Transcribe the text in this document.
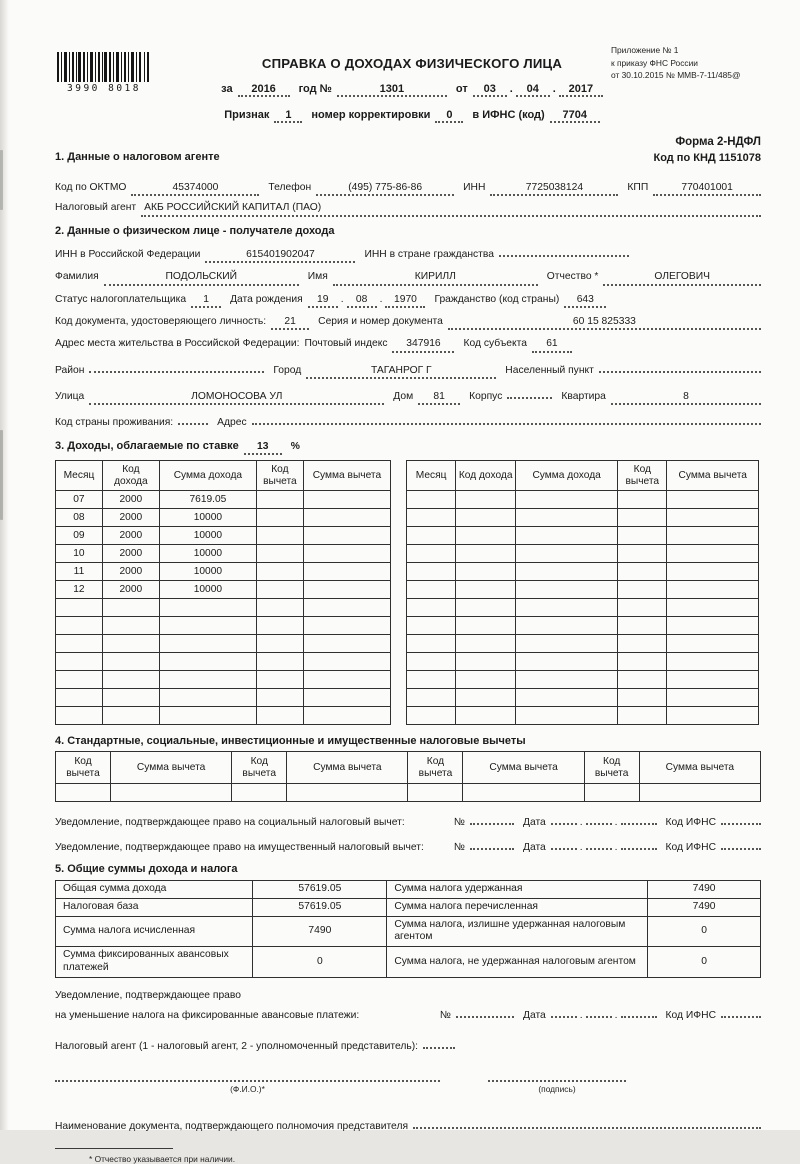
3990 8018
СПРАВКА О ДОХОДАХ ФИЗИЧЕСКОГО ЛИЦА
за	2016	год №	1301	от	03	.	04	.	2017
Признак	1	номер корректировки	0	в ИФНС (код)	7704
Приложение № 1
к приказу ФНС России
от 30.10.2015 № ММВ-7-11/485@
1. Данные о налоговом агенте
Форма 2-НДФЛ
Код по КНД 1151078
Код по ОКТМО	45374000	Телефон	(495) 775-86-86	ИНН	7725038124	КПП	770401001
Налоговый агент АКБ РОССИЙСКИЙ КАПИТАЛ (ПАО)
2. Данные о физическом лице - получателе дохода
ИНН в Российской Федерации	615401902047	ИНН в стране гражданства
Фамилия	ПОДОЛЬСКИЙ	Имя	КИРИЛЛ	Отчество *	ОЛЕГОВИЧ
Статус налогоплательщика	1	Дата рождения	19	.	08	.	1970	Гражданство (код страны)	643
Код документа, удостоверяющего личность:	21	Серия и номер документа	60 15 825333
Адрес места жительства в Российской Федерации: Почтовый индекс	347916	Код субъекта	61
Район	Город	ТАГАНРОГ Г	Населенный пункт
Улица	ЛОМОНОСОВА УЛ	Дом	81	Корпус	Квартира	8
Код страны проживания:	Адрес
3. Доходы, облагаемые по ставке	13	%
Месяц	Код дохода	Сумма дохода	Код вычета	Сумма вычета
07	2000	7619.05		
08	2000	10000		
09	2000	10000		
10	2000	10000		
11	2000	10000		
12	2000	10000		

Месяц	Код дохода	Сумма дохода	Код вычета	Сумма вычета

4. Стандартные, социальные, инвестиционные и имущественные налоговые вычеты
Код вычета	Сумма вычета	Код вычета	Сумма вычета	Код вычета	Сумма вычета	Код вычета	Сумма вычета

Уведомление, подтверждающее право на социальный налоговый вычет:	№	Дата	.	.	Код ИФНС
Уведомление, подтверждающее право на имущественный налоговый вычет:	№	Дата	.	.	Код ИФНС
5. Общие суммы дохода и налога
Общая сумма дохода	57619.05	Сумма налога удержанная	7490
Налоговая база	57619.05	Сумма налога перечисленная	7490
Сумма налога исчисленная	7490	Сумма налога, излишне удержанная налоговым агентом	0
Сумма фиксированных авансовых платежей	0	Сумма налога, не удержанная налоговым агентом	0
Уведомление, подтверждающее право
на уменьшение налога на фиксированные авансовые платежи:	№	Дата	.	.	Код ИФНС
Налоговый агент (1 - налоговый агент, 2 - уполномоченный представитель):
(Ф.И.О.)*	(подпись)
Наименование документа, подтверждающего полномочия представителя
* Отчество указывается при наличии.
